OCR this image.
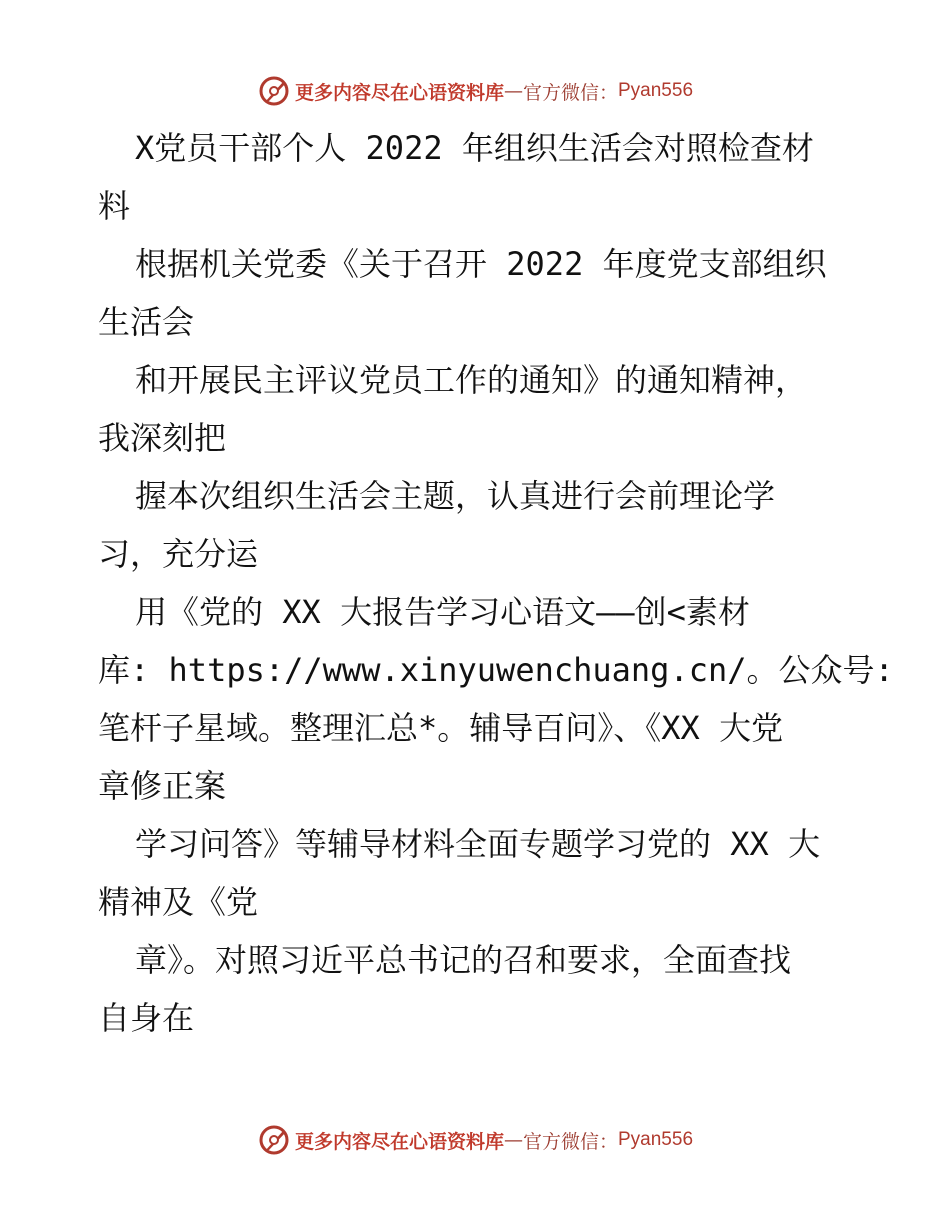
更多内容尽在心语资料库 — 官方微信： Pyan556
X党员干部个人 2022 年组织生活会对照检查材
料
根据机关党委《关于召开 2022 年度党支部组织
生活会
和开展民主评议党员工作的通知》的通知精神，
我深刻把
握本次组织生活会主题，认真进行会前理论学
习，充分运
用《党的 XX 大报告学习心语文——创<素材
库: https://www.xinyuwenchuang.cn/。公众号:
笔杆子星域。整理汇总*。辅导百问》、《XX 大党
章修正案
学习问答》等辅导材料全面专题学习党的 XX 大
精神及《党
章》。对照习近平总书记的召和要求，全面查找
自身在
更多内容尽在心语资料库 — 官方微信： Pyan556
